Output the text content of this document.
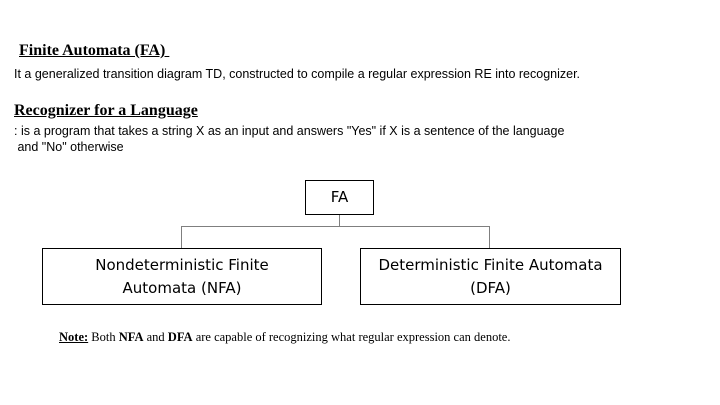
Finite Automata (FA)
It a generalized transition diagram TD, constructed to compile a regular expression RE into recognizer.
Recognizer for a Language
: is a program that takes a string X as an input and answers "Yes" if X is a sentence of the language
and "No" otherwise
FA
Nondeterministic Finite
Automata (NFA)
Deterministic Finite Automata
(DFA)
Note: Both NFA and DFA are capable of recognizing what regular expression can denote.
